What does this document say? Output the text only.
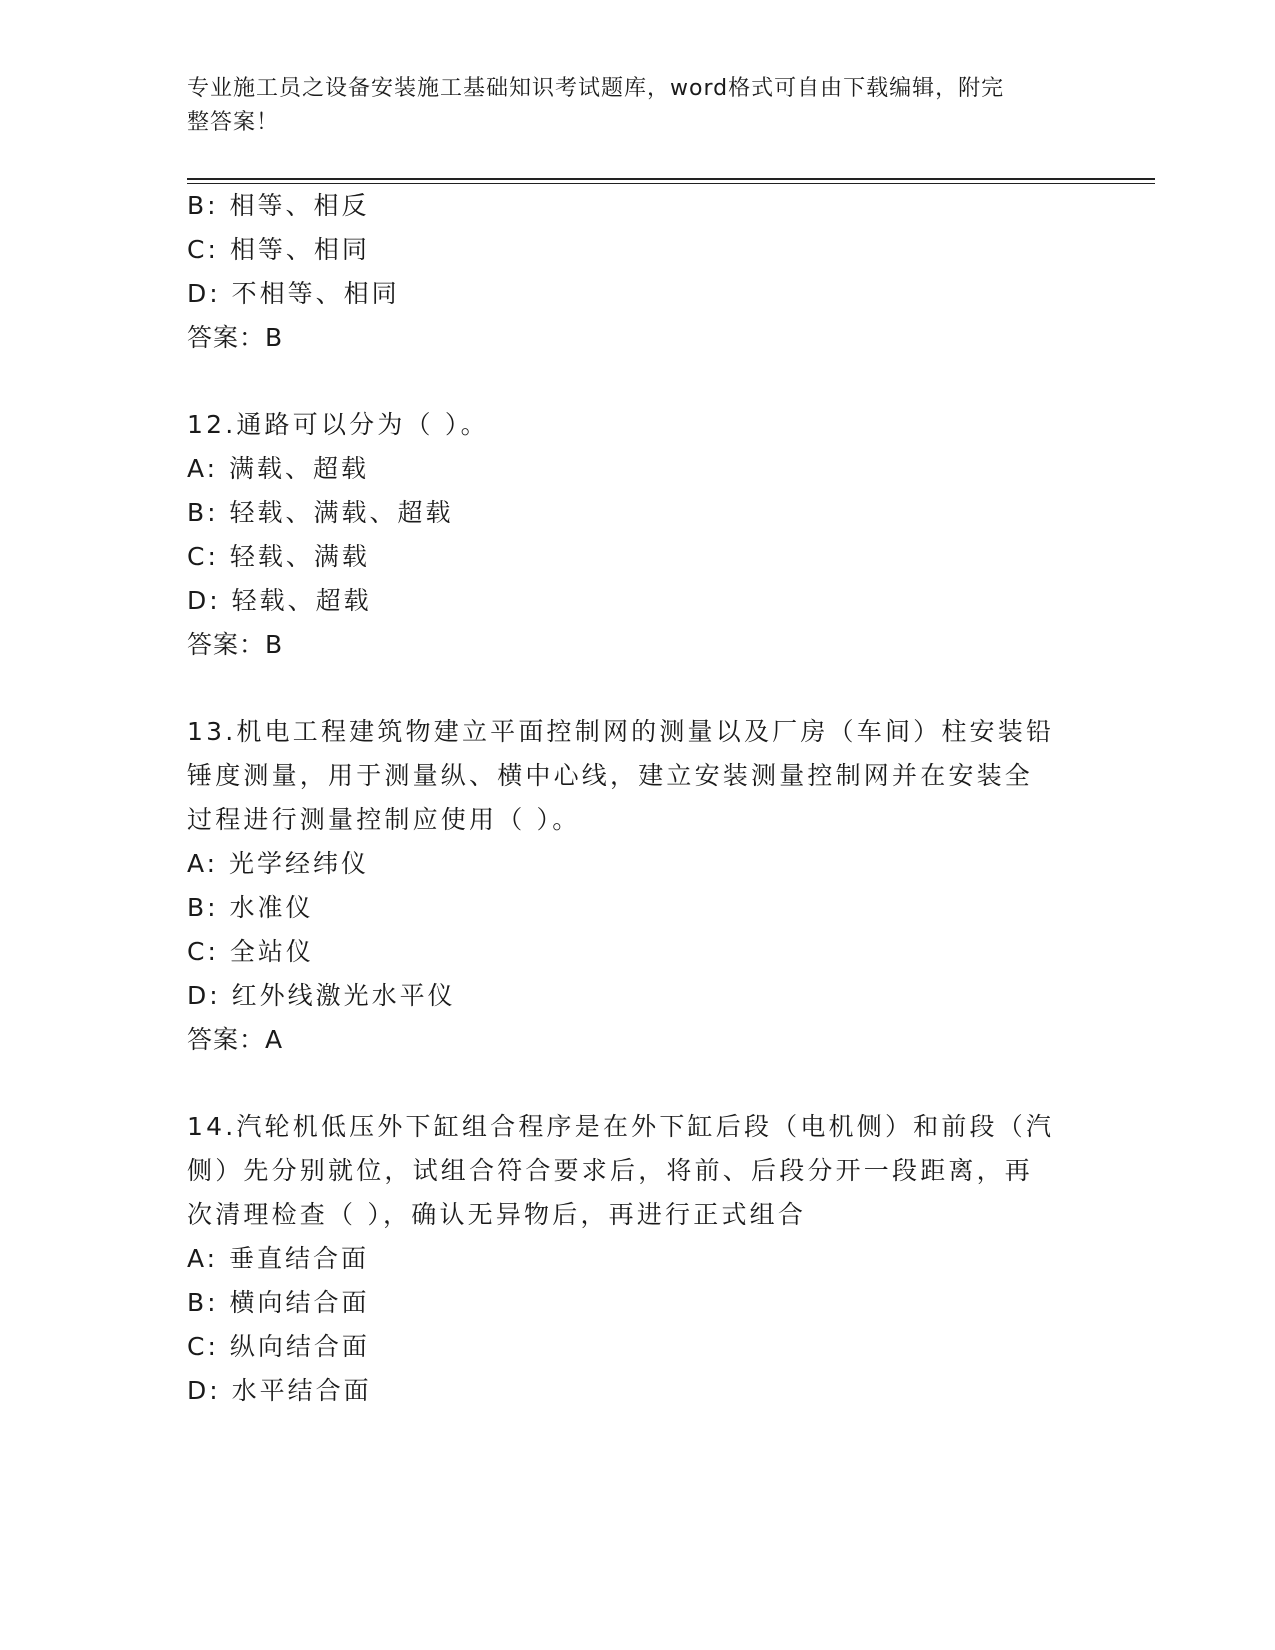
专业施工员之设备安装施工基础知识考试题库，word格式可自由下载编辑，附完
整答案！
B: 相等、相反
C: 相等、相同
D: 不相等、相同
答案：B
12.通路可以分为（ ）。
A: 满载、超载
B: 轻载、满载、超载
C: 轻载、满载
D: 轻载、超载
答案：B
13.机电工程建筑物建立平面控制网的测量以及厂房（车间）柱安装铅
锤度测量，用于测量纵、横中心线，建立安装测量控制网并在安装全
过程进行测量控制应使用（ ）。
A: 光学经纬仪
B: 水准仪
C: 全站仪
D: 红外线激光水平仪
答案：A
14.汽轮机低压外下缸组合程序是在外下缸后段（电机侧）和前段（汽
侧）先分别就位，试组合符合要求后，将前、后段分开一段距离，再
次清理检查（ ），确认无异物后，再进行正式组合
A: 垂直结合面
B: 横向结合面
C: 纵向结合面
D: 水平结合面
